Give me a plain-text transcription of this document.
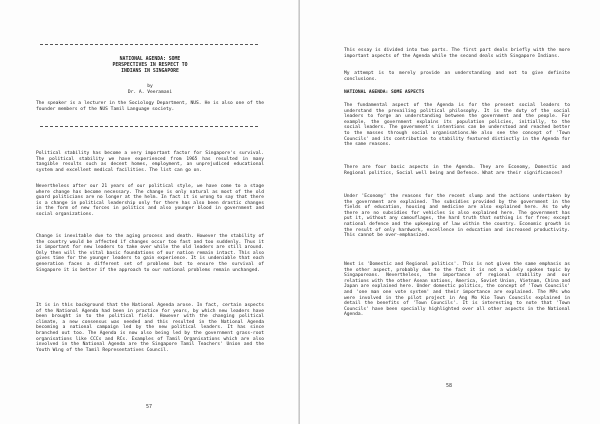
NATIONAL AGENDA: SOME
PERSPECTIVES IN RESPECT TO
INDIANS IN SINGAPORE
by
Dr. A. Veeramani
The speaker is a lecturer in the Sociology Department, NUS. He is also one of the founder members of the NUS Tamil Language society.
Political stability has become a very important factor for Singapore's survival. The political stability we have experienced from 1965 has resulted in many tangible results such as decent homes, employment, an unprejudiced educational system and excellent medical facilities. The list can go on.
Nevertheless after our 21 years of our political style, we have come to a stage where change has become necessary. The change is only natural as most of the old guard politicians are no longer at the helm. In fact it is wrong to say that there is a change in political leadership only for there has also been drastic changes in the form of new forces in politics and also younger blood in government and social organizations.
Change is inevitable due to the aging process and death. However the stability of the country would be affected if changes occur too fast and too suddenly. Thus it is important for new leaders to take over while the old leaders are still around. Only then will the vital basic foundations of our nation remain intact. This also gives time for the younger leaders to gain experience. It is undeniable that each generation faces a different set of problems but to ensure the survival of Singapore it is better if the approach to our national problems remain unchanged.
It is in this background that the National Agenda arose. In fact, certain aspects of the National Agenda had been in practice for years, by which new leaders have been brought in to the political field. However with the changing political climate, a new consensus was needed and this resulted in the National Agenda becoming a national campaign led by the new political leaders. It has since branched out too. The Agenda is now also being led by the government grass-root organisations like CCCs and RCs. Examples of Tamil Organisations which are also involved in the National Agenda are the Singapore Tamil Teachers' Union and the Youth Wing of the Tamil Representatives Council.
57
This essay is divided into two parts. The first part deals briefly with the more important aspects of the Agenda while the second deals with Singapore Indians.
My attempt is to merely provide an understanding and not to give definite conclusions.
NATIONAL AGENDA: SOME ASPECTS
The fundamental aspect of the Agenda is for the present social leaders to understand the prevailing political philosophy. It is the duty of the social leaders to forge an understanding between the government and the people. For example, the government explains its population policies, initially, to the social leaders. The government's intentions can be understood and reached better to the masses through social organisations.We also see the concept of 'Town Councils' and its contribution to stability featured distinctly in the Agenda for the same reasons.
There are four basic aspects in the Agenda. They are Economy, Domestic and Regional politics, Social well being and Defence. What are their significances?
Under 'Economy' the reasons for the recent slump and the actions undertaken by the government are explained. The subsidies provided by the government in the fields of education, housing and medicine are also explained here. As to why there are no subsidies for vehicles is also explained here. The government has put it, without any camouflages, the hard truth that nothing is for free; except national defence and the upkeeping of law within the country. Economic growth is the result of only hardwork, excellence in education and increased productivity. This cannot be over-emphasized.
Next is 'Domestic and Regional politics'. This is not given the same emphasis as the other aspect, probably due to the fact it is not a widely spoken topic by Singaporeans. Nevertheless, the importance of regional stability and our relations with the other Asean nations, America, Soviet Union, Vietnam, China and Japan are explained here. Under domestic politics, the concept of 'Town Councils' and 'one man one vote system' and their importance are explained. The MPs who were involved in the pilot project in Ang Mo Kio Town Councils explained in detail the benefits of 'Town Councils'. It is interesting to note that 'Town Councils' have been specially highlighted over all other aspects in the National Agenda.
58
